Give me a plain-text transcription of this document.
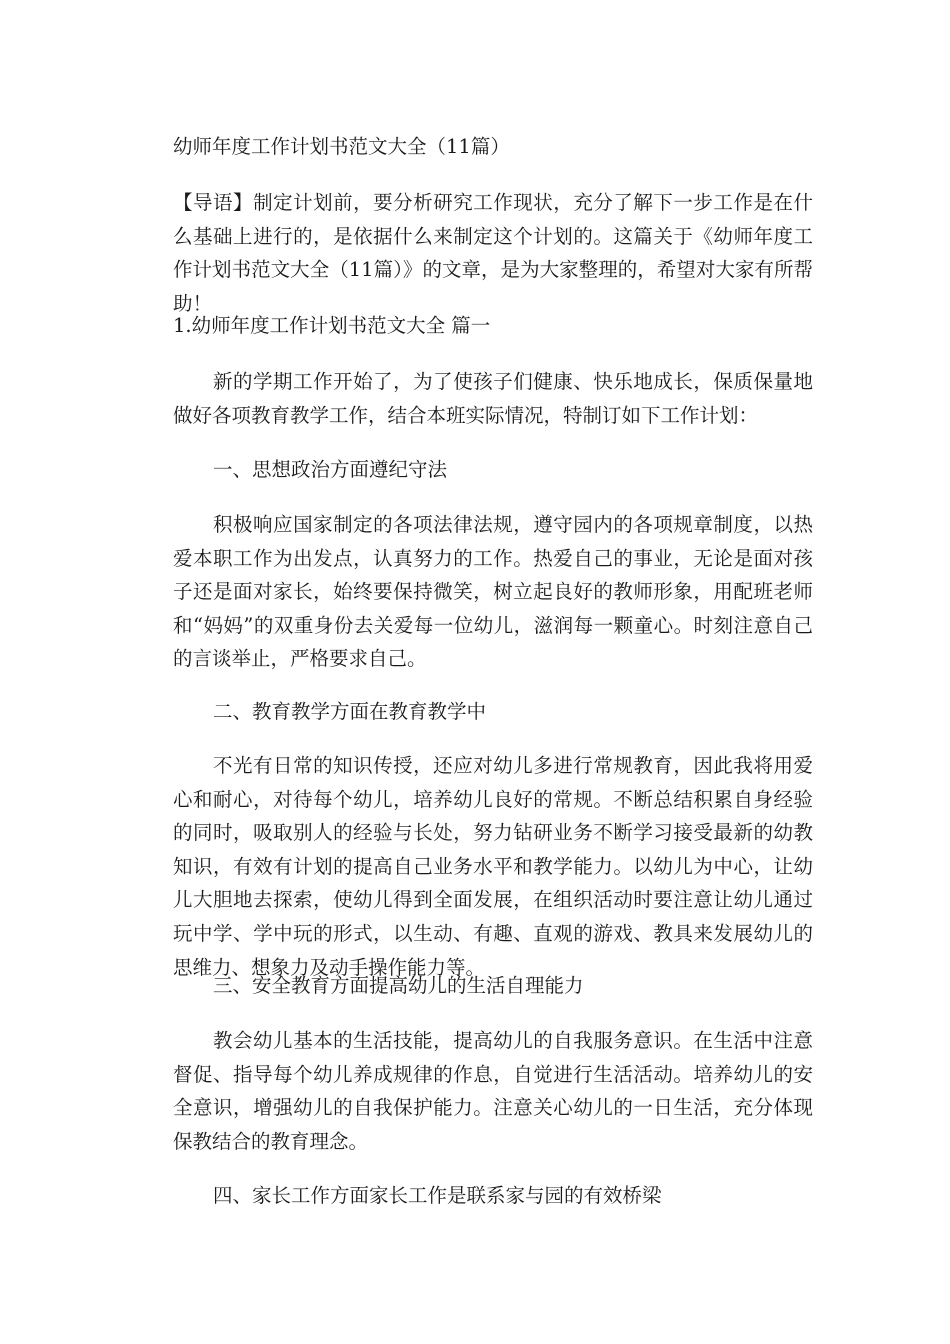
幼师年度工作计划书范文大全（11篇）
【导语】制定计划前，要分析研究工作现状，充分了解下一步工作是在什么基础上进行的，是依据什么来制定这个计划的。这篇关于《幼师年度工作计划书范文大全（11篇）》的文章，是为大家整理的，希望对大家有所帮助！
1.幼师年度工作计划书范文大全 篇一
新的学期工作开始了，为了使孩子们健康、快乐地成长，保质保量地做好各项教育教学工作，结合本班实际情况，特制订如下工作计划：
一、思想政治方面遵纪守法
积极响应国家制定的各项法律法规，遵守园内的各项规章制度，以热爱本职工作为出发点，认真努力的工作。热爱自己的事业，无论是面对孩子还是面对家长，始终要保持微笑，树立起良好的教师形象，用配班老师和“妈妈”的双重身份去关爱每一位幼儿，滋润每一颗童心。时刻注意自己的言谈举止，严格要求自己。
二、教育教学方面在教育教学中
不光有日常的知识传授，还应对幼儿多进行常规教育，因此我将用爱心和耐心，对待每个幼儿，培养幼儿良好的常规。不断总结积累自身经验的同时，吸取别人的经验与长处，努力钻研业务不断学习接受最新的幼教知识，有效有计划的提高自己业务水平和教学能力。以幼儿为中心，让幼儿大胆地去探索，使幼儿得到全面发展，在组织活动时要注意让幼儿通过玩中学、学中玩的形式，以生动、有趣、直观的游戏、教具来发展幼儿的思维力、想象力及动手操作能力等。
三、安全教育方面提高幼儿的生活自理能力
教会幼儿基本的生活技能，提高幼儿的自我服务意识。在生活中注意督促、指导每个幼儿养成规律的作息，自觉进行生活活动。培养幼儿的安全意识，增强幼儿的自我保护能力。注意关心幼儿的一日生活，充分体现保教结合的教育理念。
四、家长工作方面家长工作是联系家与园的有效桥梁
